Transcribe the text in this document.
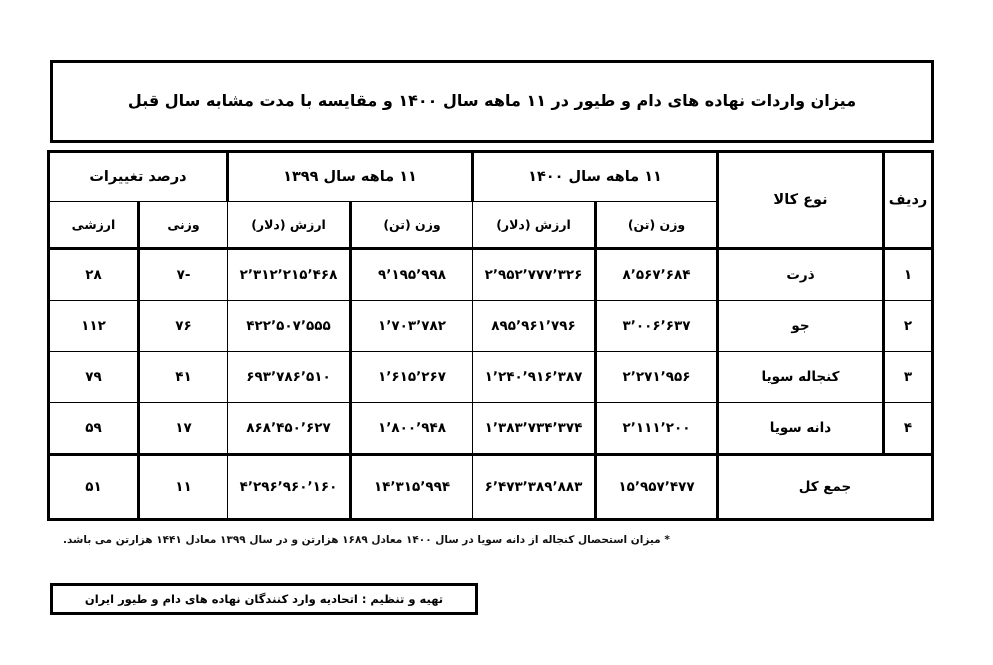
میزان واردات نهاده های دام و طیور در ۱۱ ماهه سال ۱۴۰۰ و مقایسه با مدت مشابه سال قبل
ردیف	نوع کالا	۱۱ ماهه سال ۱۴۰۰		۱۱ ماهه سال ۱۳۹۹		درصد تغییرات	
		وزن (تن)	ارزش (دلار)	وزن (تن)	ارزش (دلار)	وزنی	ارزشی
۱	ذرت	۸٬۵۶۷٬۶۸۴	۲٬۹۵۲٬۷۷۷٬۳۲۶	۹٬۱۹۵٬۹۹۸	۲٬۳۱۲٬۲۱۵٬۴۶۸	-۷	۲۸
۲	جو	۳٬۰۰۶٬۶۳۷	۸۹۵٬۹۶۱٬۷۹۶	۱٬۷۰۳٬۷۸۲	۴۲۲٬۵۰۷٬۵۵۵	۷۶	۱۱۲
۳	کنجاله سویا	۲٬۲۷۱٬۹۵۶	۱٬۲۴۰٬۹۱۶٬۳۸۷	۱٬۶۱۵٬۲۶۷	۶۹۳٬۷۸۶٬۵۱۰	۴۱	۷۹
۴	دانه سویا	۲٬۱۱۱٬۲۰۰	۱٬۳۸۳٬۷۳۴٬۳۷۴	۱٬۸۰۰٬۹۴۸	۸۶۸٬۴۵۰٬۶۲۷	۱۷	۵۹
جمع کل		۱۵٬۹۵۷٬۴۷۷	۶٬۴۷۳٬۳۸۹٬۸۸۳	۱۴٬۳۱۵٬۹۹۴	۴٬۲۹۶٬۹۶۰٬۱۶۰	۱۱	۵۱
* میزان استحصال کنجاله از دانه سویا در سال ۱۴۰۰ معادل ۱۶۸۹ هزارتن و در سال ۱۳۹۹ معادل ۱۴۴۱ هزارتن می باشد.
تهیه و تنظیم : اتحادیه وارد کنندگان نهاده های دام و طیور ایران
